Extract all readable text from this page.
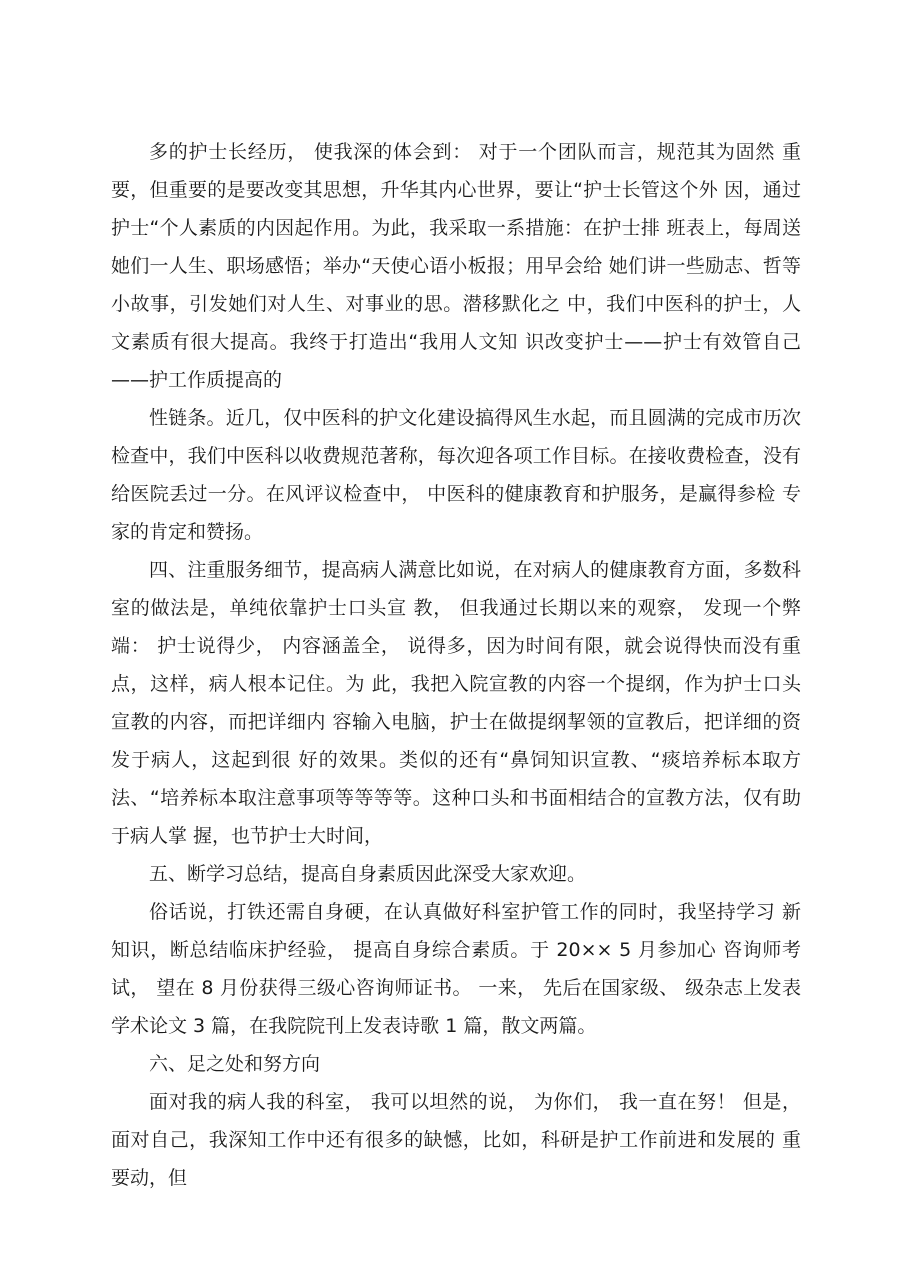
多的护士长经历， 使我深的体会到： 对于一个团队而言，规范其为固然 重要，但重要的是要改变其思想，升华其内心世界，要让“护士长管这个外 因，通过护士“个人素质的内因起作用。为此，我采取一系措施：在护士排 班表上，每周送她们一人生、职场感悟；举办“天使心语小板报；用早会给 她们讲一些励志、哲等小故事，引发她们对人生、对事业的思。潜移默化之 中，我们中医科的护士，人文素质有很大提高。我终于打造出“我用人文知 识改变护士——护士有效管自己——护工作质提高的

性链条。近几，仅中医科的护文化建设搞得风生水起，而且圆满的完成市历次检查中，我们中医科以收费规范著称，每次迎各项工作目标。在接收费检查，没有给医院丢过一分。在风评议检查中， 中医科的健康教育和护服务，是赢得参检 专家的肯定和赞扬。

四、注重服务细节，提高病人满意比如说，在对病人的健康教育方面，多数科室的做法是，单纯依靠护士口头宣 教， 但我通过长期以来的观察， 发现一个弊端： 护士说得少， 内容涵盖全， 说得多，因为时间有限，就会说得快而没有重点，这样，病人根本记住。为 此，我把入院宣教的内容一个提纲，作为护士口头宣教的内容，而把详细内 容输入电脑，护士在做提纲挈领的宣教后，把详细的资发于病人，这起到很 好的效果。类似的还有“鼻饲知识宣教、“痰培养标本取方法、“培养标本取注意事项等等等等。这种口头和书面相结合的宣教方法，仅有助于病人掌 握，也节护士大时间，

五、断学习总结，提高自身素质因此深受大家欢迎。

俗话说，打铁还需自身硬，在认真做好科室护管工作的同时，我坚持学习 新知识，断总结临床护经验， 提高自身综合素质。于 20×× 5 月参加心 咨询师考试， 望在 8 月份获得三级心咨询师证书。 一来， 先后在国家级、 级杂志上发表学术论文 3 篇，在我院院刊上发表诗歌 1 篇，散文两篇。

六、足之处和努方向

面对我的病人我的科室， 我可以坦然的说， 为你们， 我一直在努！ 但是， 面对自己，我深知工作中还有很多的缺憾，比如，科研是护工作前进和发展的 重要动，但
